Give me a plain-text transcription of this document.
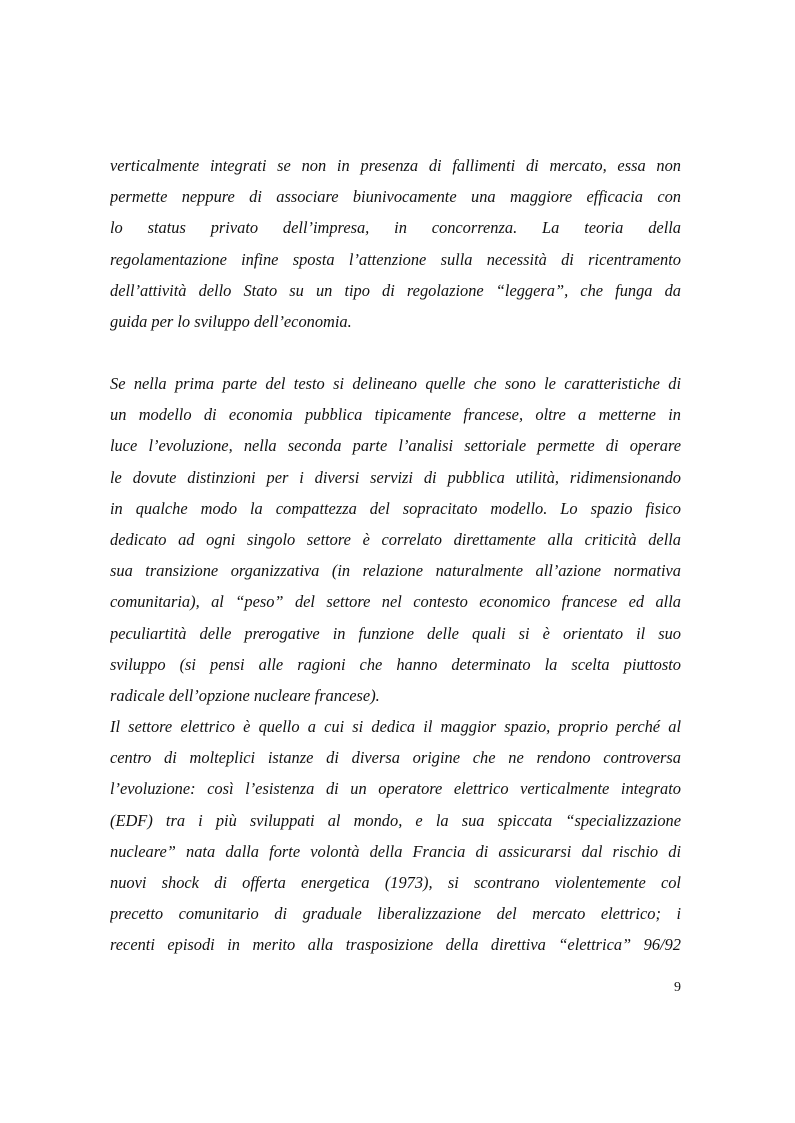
verticalmente integrati se non in presenza di fallimenti di mercato, essa non
permette neppure di associare biunivocamente una maggiore efficacia con
lo status privato dell’impresa, in concorrenza. La teoria della
regolamentazione infine sposta l’attenzione sulla necessità di ricentramento
dell’attività dello Stato su un tipo di regolazione “leggera”, che funga da
guida per lo sviluppo dell’economia.
Se nella prima parte del testo si delineano quelle che sono le caratteristiche di
un modello di economia pubblica tipicamente francese, oltre a metterne in
luce l’evoluzione, nella seconda parte l’analisi settoriale permette di operare
le dovute distinzioni per i diversi servizi di pubblica utilità, ridimensionando
in qualche modo la compattezza del sopracitato modello. Lo spazio fisico
dedicato ad ogni singolo settore è correlato direttamente alla criticità della
sua transizione organizzativa (in relazione naturalmente all’azione normativa
comunitaria), al “peso” del settore nel contesto economico francese ed alla
peculiartità delle prerogative in funzione delle quali si è orientato il suo
sviluppo (si pensi alle ragioni che hanno determinato la scelta piuttosto
radicale dell’opzione nucleare francese).
Il settore elettrico è quello a cui si dedica il maggior spazio, proprio perché al
centro di molteplici istanze di diversa origine che ne rendono controversa
l’evoluzione: così l’esistenza di un operatore elettrico verticalmente integrato
(EDF) tra i più sviluppati al mondo, e la sua spiccata “specializzazione
nucleare” nata dalla forte volontà della Francia di assicurarsi dal rischio di
nuovi shock di offerta energetica (1973), si scontrano violentemente col
precetto comunitario di graduale liberalizzazione del mercato elettrico; i
recenti episodi in merito alla trasposizione della direttiva “elettrica” 96/92
9
